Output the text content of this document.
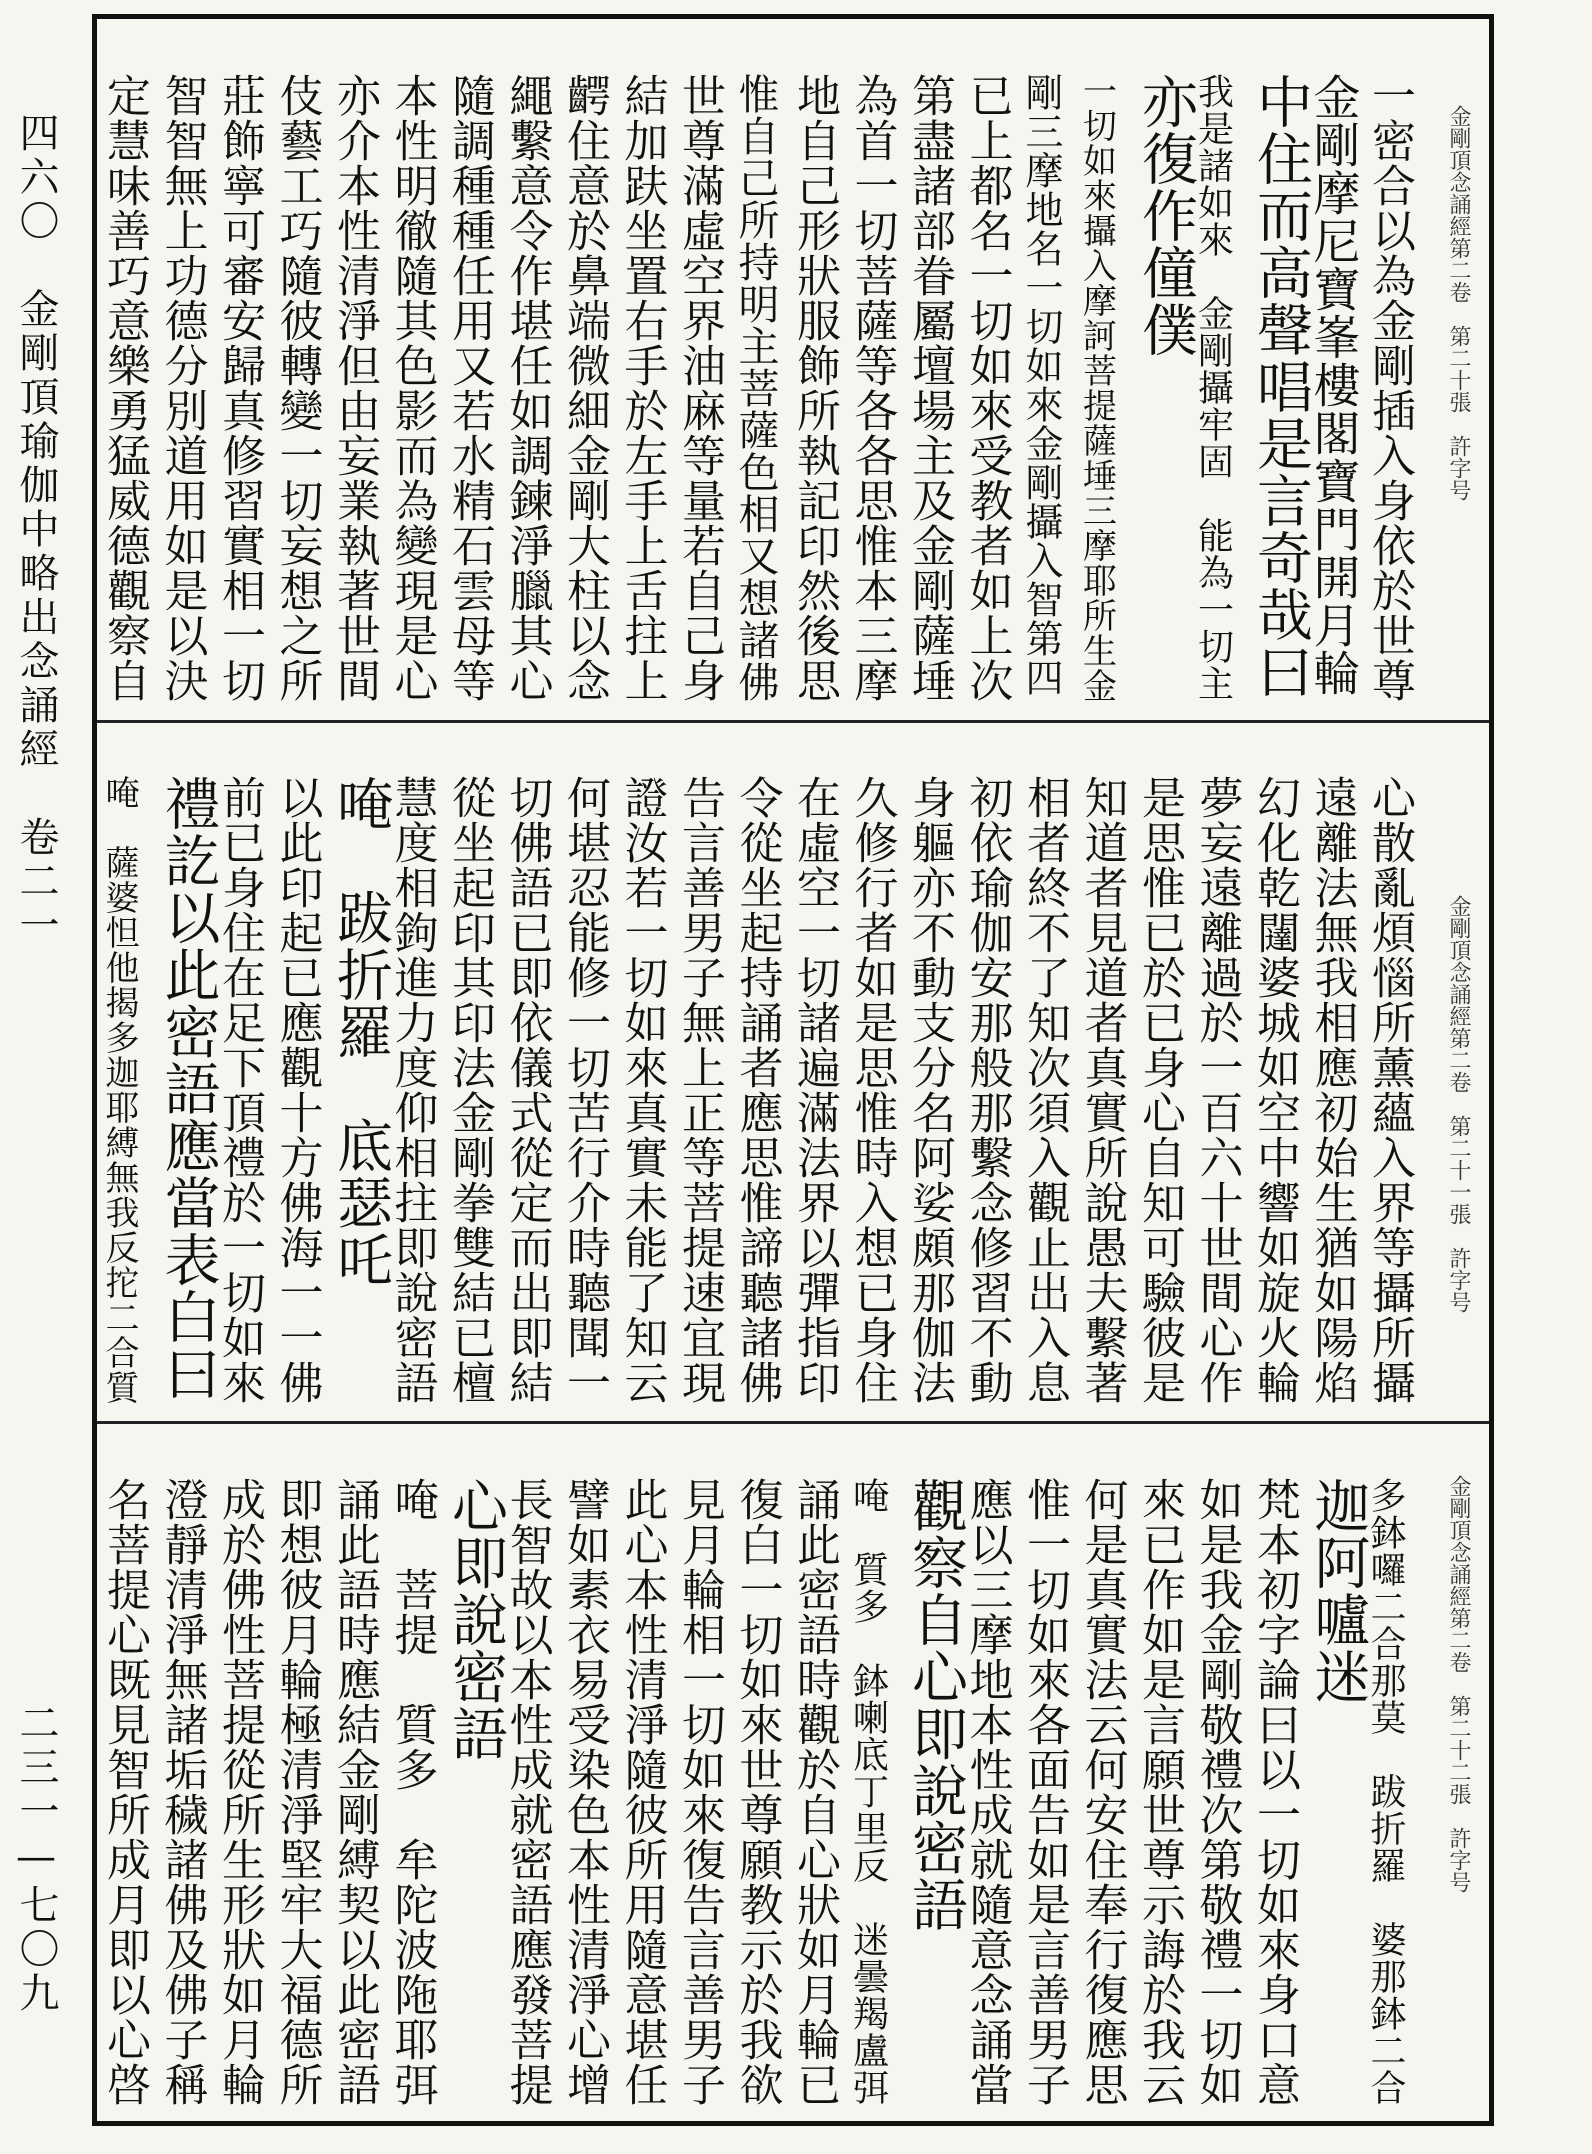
四六〇　金剛頂瑜伽中略出念誦經　卷二一
二三一—七〇九
金剛頂念誦經第二卷　第二十張　許字号
一密合以為金剛插入身依於世尊
金剛摩尼寶峯樓閣寶門開月輪
中住而高聲唱是言奇哉曰
我是諸如來　金剛攝牢固　能為一切主
亦復作僮僕
一切如來攝入摩訶菩提薩埵三摩耶所生金
剛三摩地名一切如來金剛攝入智第四
已上都名一切如來受教者如上次
第盡諸部眷屬壇場主及金剛薩埵
為首一切菩薩等各各思惟本三摩
地自己形狀服飾所執記印然後思
惟自己所持明主菩薩色相又想諸佛
世尊滿虛空界油麻等量若自己身
結加趺坐置右手於左手上舌拄上
齶住意於鼻端微細金剛大柱以念
繩繫意令作堪任如調鍊淨臘其心
隨調種種任用又若水精石雲母等
本性明徹隨其色影而為變現是心
亦介本性清淨但由妄業執著世間
伎藝工巧隨彼轉變一切妄想之所
莊飾寧可審安歸真修習實相一切
智智無上功德分別道用如是以決
定慧味善巧意樂勇猛威德觀察自
金剛頂念誦經第二卷　第二十一張　許字号
心散亂煩惱所薰蘊入界等攝所攝
遠離法無我相應初始生猶如陽焰
幻化乾闥婆城如空中響如旋火輪
夢妄遠離過於一百六十世間心作
是思惟已於已身心自知可驗彼是
知道者見道者真實所說愚夫繫著
相者終不了知次須入觀止出入息
初依瑜伽安那般那繫念修習不動
身軀亦不動支分名阿娑頗那伽法
久修行者如是思惟時入想已身住
在虛空一切諸遍滿法界以彈指印
令從坐起持誦者應思惟諦聽諸佛
告言善男子無上正等菩提速宜現
證汝若一切如來真實未能了知云
何堪忍能修一切苦行介時聽聞一
切佛語已即依儀式從定而出即結
從坐起印其印法金剛拳雙結已檀
慧度相鉤進力度仰相拄即說密語
唵　跋折羅　底瑟吒
以此印起已應觀十方佛海一一佛
前已身住在足下頂禮於一切如來
禮訖以此密語應當表白曰
唵　薩婆怛他揭多迦耶縛無我反拕二合質
金剛頂念誦經第二卷　第二十二張　許字号
多鉢囉二合那莫　跋折羅　婆那鉢二合
迦阿嚧迷
梵本初字論曰以一切如來身口意
如是我金剛敬禮次第敬禮一切如
來已作如是言願世尊示誨於我云
何是真實法云何安住奉行復應思
惟一切如來各面告如是言善男子
應以三摩地本性成就隨意念誦當
觀察自心即說密語
唵　質多　鉢喇底丁里反　迷曇羯盧弭
誦此密語時觀於自心狀如月輪已
復白一切如來世尊願教示於我欲
見月輪相一切如來復告言善男子
此心本性清淨隨彼所用隨意堪任
譬如素衣易受染色本性清淨心增
長智故以本性成就密語應發菩提
心即說密語
唵　菩提　質多　牟陀波陁耶弭
誦此語時應結金剛縛契以此密語
即想彼月輪極清淨堅牢大福德所
成於佛性菩提從所生形狀如月輪
澄靜清淨無諸垢穢諸佛及佛子稱
名菩提心既見智所成月即以心啓
